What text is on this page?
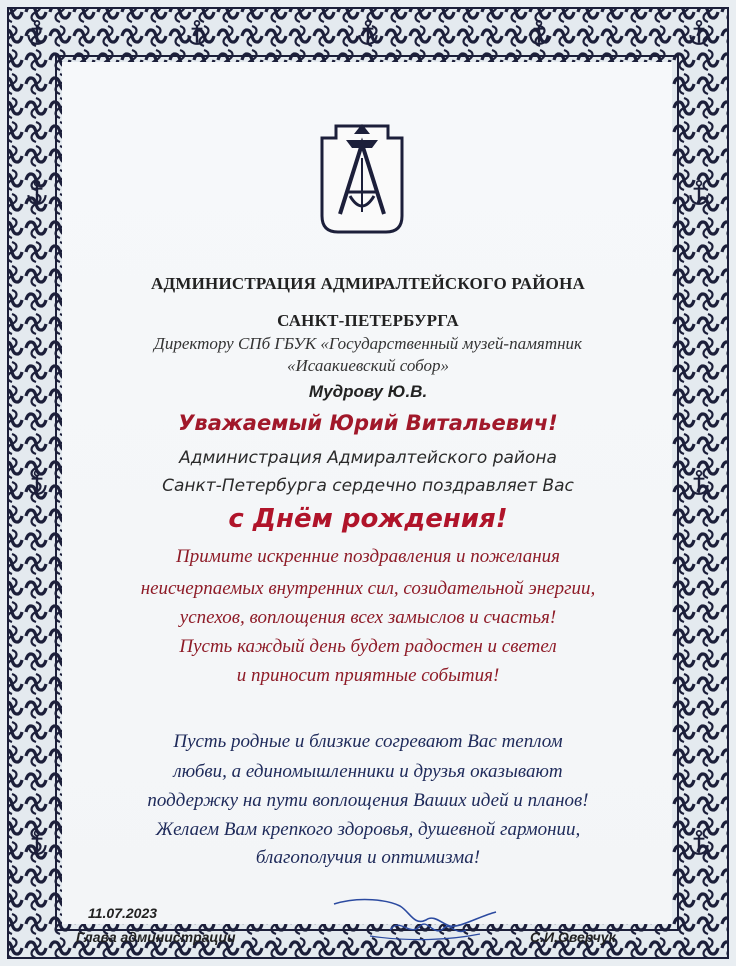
АДМИНИСТРАЦИЯ АДМИРАЛТЕЙСКОГО РАЙОНА
САНКТ-ПЕТЕРБУРГА
Директору СПб ГБУК «Государственный музей-памятник
«Исаакиевский собор»
Мудрову Ю.В.
Уважаемый Юрий Витальевич!
Администрация Адмиралтейского района
Санкт-Петербурга сердечно поздравляет Вас
с Днём рождения!
Примите искренние поздравления и пожелания
неисчерпаемых внутренних сил, созидательной энергии,
успехов, воплощения всех замыслов и счастья!
Пусть каждый день будет радостен и светел
и приносит приятные события!
Пусть родные и близкие согревают Вас теплом
любви, а единомышленники и друзья оказывают
поддержку на пути воплощения Ваших идей и планов!
Желаем Вам крепкого здоровья, душевной гармонии,
благополучия и оптимизма!
11.07.2023
Глава администрации	С.И.Оверчук
